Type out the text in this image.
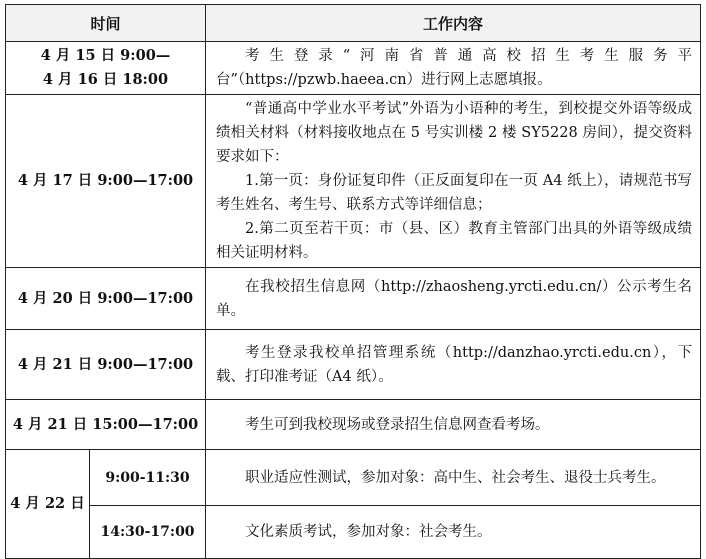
时间		工作内容

4 月 15 日 9:00—
4 月 16 日 18:00		考生登录“河南省普通高校招生考生服务平台”（https://pzwb.haeea.cn）进行网上志愿填报。

4 月 17 日 9:00—17:00		“普通高中学业水平考试”外语为小语种的考生，到校提交外语等级成绩相关材料（材料接收地点在 5 号实训楼 2 楼 SY5228 房间），提交资料要求如下：
1.第一页：身份证复印件（正反面复印在一页 A4 纸上），请规范书写考生姓名、考生号、联系方式等详细信息；
2.第二页至若干页：市（县、区）教育主管部门出具的外语等级成绩相关证明材料。

4 月 20 日 9:00—17:00		在我校招生信息网（http://zhaosheng.yrcti.edu.cn/）公示考生名单。

4 月 21 日 9:00—17:00		考生登录我校单招管理系统（http://danzhao.yrcti.edu.cn），下载、打印准考证（A4 纸）。

4 月 21 日 15:00—17:00		考生可到我校现场或登录招生信息网查看考场。

4 月 22 日	9:00-11:30	职业适应性测试，参加对象：高中生、社会考生、退役士兵考生。

	14:30-17:00	文化素质考试，参加对象：社会考生。
